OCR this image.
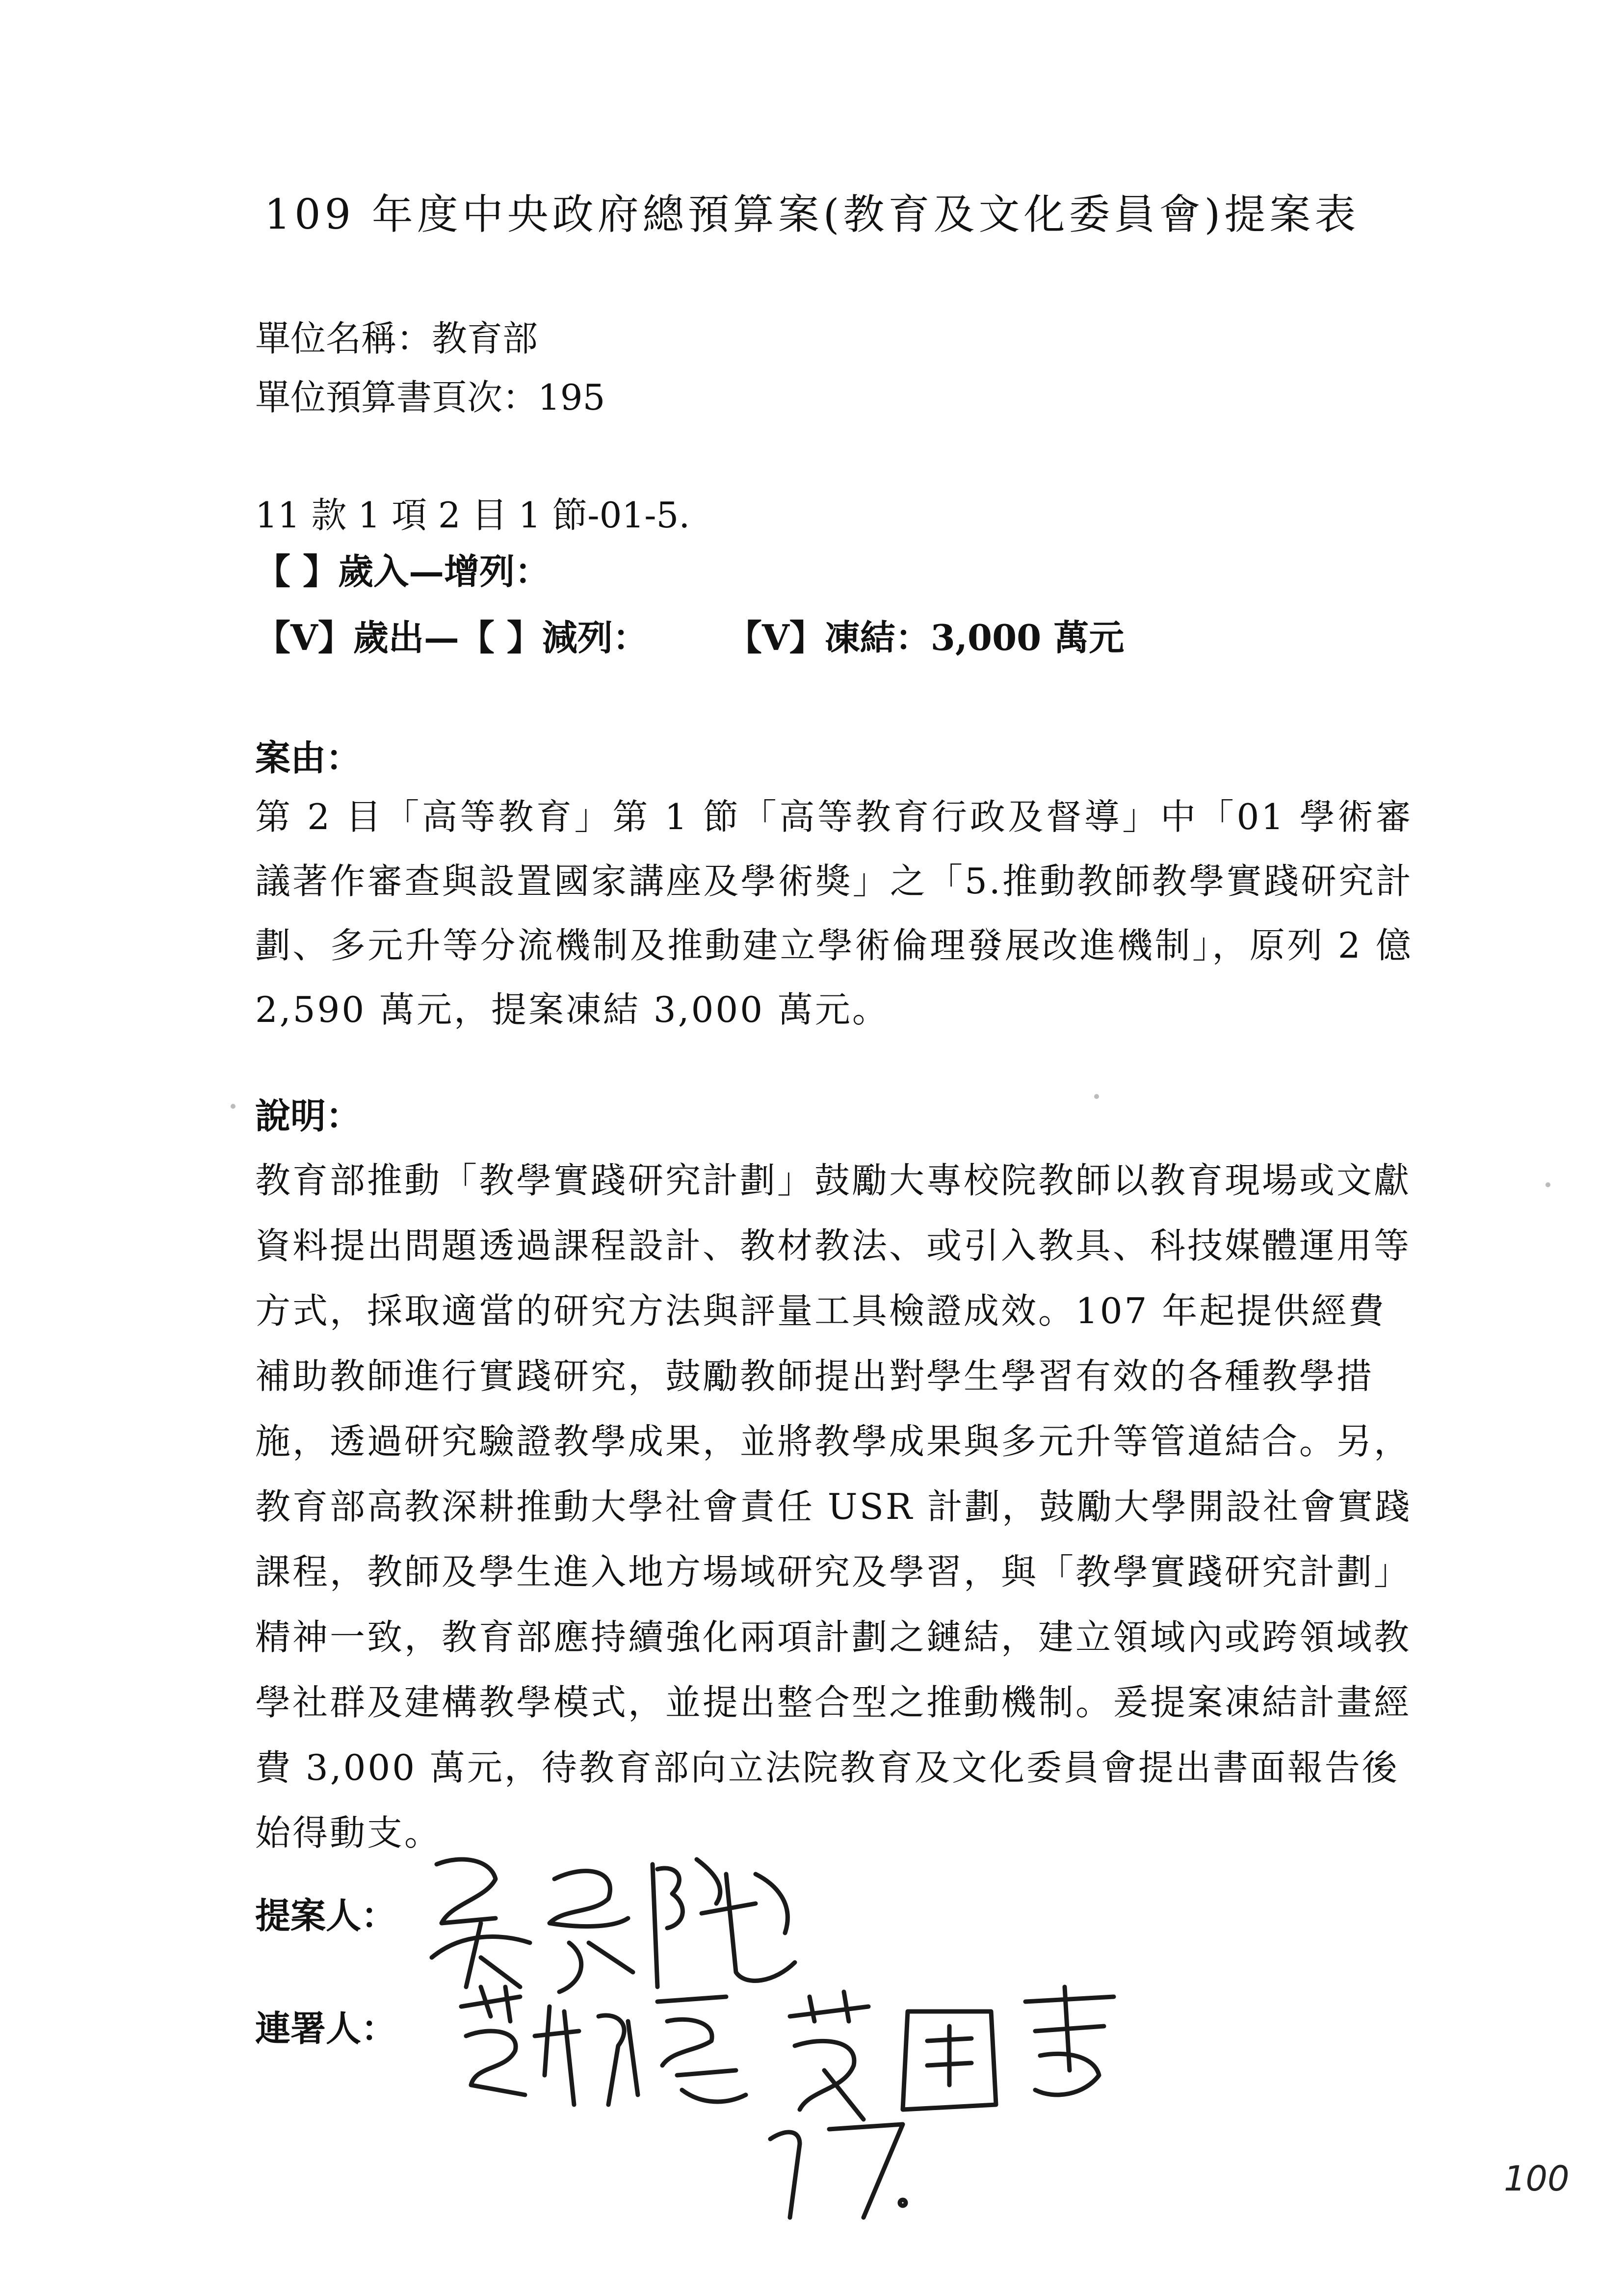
109 年度中央政府總預算案(教育及文化委員會)提案表
單位名稱：教育部
單位預算書頁次：195
11 款 1 項 2 目 1 節-01-5.
【 】歲入—增列：
【V】歲出—【 】減列： 【V】凍結：3,000 萬元
案由：
第 2 目「高等教育」第 1 節「高等教育行政及督導」中「01 學術審議著作審查與設置國家講座及學術獎」之「5.推動教師教學實踐研究計劃、多元升等分流機制及推動建立學術倫理發展改進機制」，原列 2 億 2,590 萬元，提案凍結 3,000 萬元。
說明：
教育部推動「教學實踐研究計劃」鼓勵大專校院教師以教育現場或文獻資料提出問題透過課程設計、教材教法、或引入教具、科技媒體運用等方式，採取適當的研究方法與評量工具檢證成效。107 年起提供經費補助教師進行實踐研究，鼓勵教師提出對學生學習有效的各種教學措施，透過研究驗證教學成果，並將教學成果與多元升等管道結合。另，教育部高教深耕推動大學社會責任 USR 計劃，鼓勵大學開設社會實踐課程，教師及學生進入地方場域研究及學習，與「教學實踐研究計劃」精神一致，教育部應持續強化兩項計劃之鏈結，建立領域內或跨領域教學社群及建構教學模式，並提出整合型之推動機制。爰提案凍結計畫經費 3,000 萬元，待教育部向立法院教育及文化委員會提出書面報告後始得動支。
提案人：
連署人：
100
